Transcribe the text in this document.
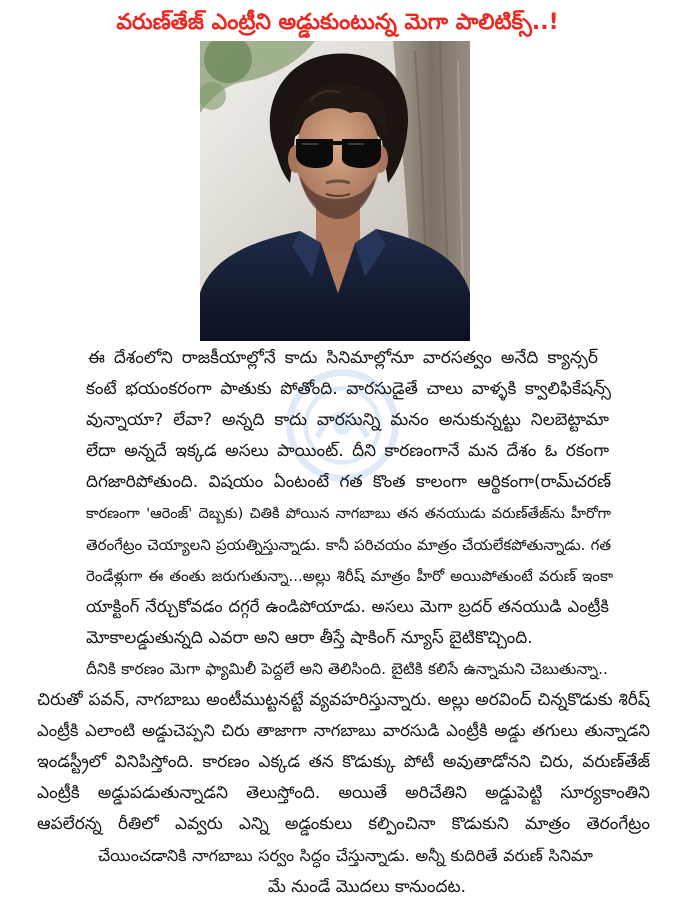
వరుణ్‌తేజ్ ఎంట్రీని అడ్డుకుంటున్న మెగా పాలిటిక్స్..!
ఈ దేశంలోని రాజకీయాల్లోనే కాదు సినిమాల్లోనూ వారసత్వం అనేది క్యాన్సర్
కంటే భయంకరంగా పాతుకు పోతోంది. వారసుడైతే చాలు వాళ్ళకి క్వాలిఫికేషన్స్
వున్నాయా? లేవా? అన్నది కాదు వారసున్ని మనం అనుకున్నట్టు నిలబెట్టామా
లేదా అన్నదే ఇక్కడ అసలు పాయింట్. దీని కారణంగానే మన దేశం ఓ రకంగా
దిగజారిపోతుంది. విషయం ఏంటంటే గత కొంత కాలంగా ఆర్థికంగా(రామ్‌చరణ్
కారణంగా 'ఆరెంజ్' దెబ్బకు) చితికి పోయిన నాగబాబు తన తనయుడు వరుణ్‌తేజ్‌ను హీరోగా
తెరంగేట్రం చెయ్యాలని ప్రయత్నిస్తున్నాడు. కానీ పరిచయం మాత్రం చేయలేకపోతున్నాడు. గత
రెండేళ్లుగా ఈ తంతు జరుగుతున్నా...అల్లు శిరీష్ మాత్రం హీరో అయిపోతుంటే వరుణ్ ఇంకా
యాక్టింగ్ నేర్చుకోవడం దగ్గరే ఉండిపోయాడు. అసలు మెగా బ్రదర్ తనయుడి ఎంట్రీకి
మోకాలడ్డుతున్నది ఎవరా అని ఆరా తీస్తే షాకింగ్ న్యూస్ బైటికొచ్చింది.
దీనికి కారణం మెగా ఫ్యామిలీ పెద్దలే అని తెలిసింది. బైటికి కలిసే ఉన్నామని చెబుతున్నా..
చిరుతో పవన్, నాగబాబు అంటీముట్టనట్టే వ్యవహరిస్తున్నారు. అల్లు అరవింద్ చిన్నకొడుకు శిరీష్
ఎంట్రీకి ఎలాంటి అడ్డుచెప్పని చిరు తాజాగా నాగబాబు వారసుడి ఎంట్రీకి అడ్డు తగులు తున్నాడని
ఇండస్ట్రీలో వినిపిస్తోంది. కారణం ఎక్కడ తన కొడుక్కు పోటీ అవుతాడోనని చిరు, వరుణ్‌తేజ్
ఎంట్రీకి అడ్డుపడుతున్నాడని తెలుస్తోంది. అయితే అరిచేతిని అడ్డుపెట్టి సూర్యకాంతిని
ఆపలేరన్న రీతిలో ఎవ్వరు ఎన్ని అడ్డంకులు కల్పించినా కొడుకుని మాత్రం తెరంగేట్రం
చేయించడానికి నాగబాబు సర్వం సిద్ధం చేస్తున్నాడు. అన్నీ కుదిరితే వరుణ్ సినిమా
మే నుండే మొదలు కానుందట.
